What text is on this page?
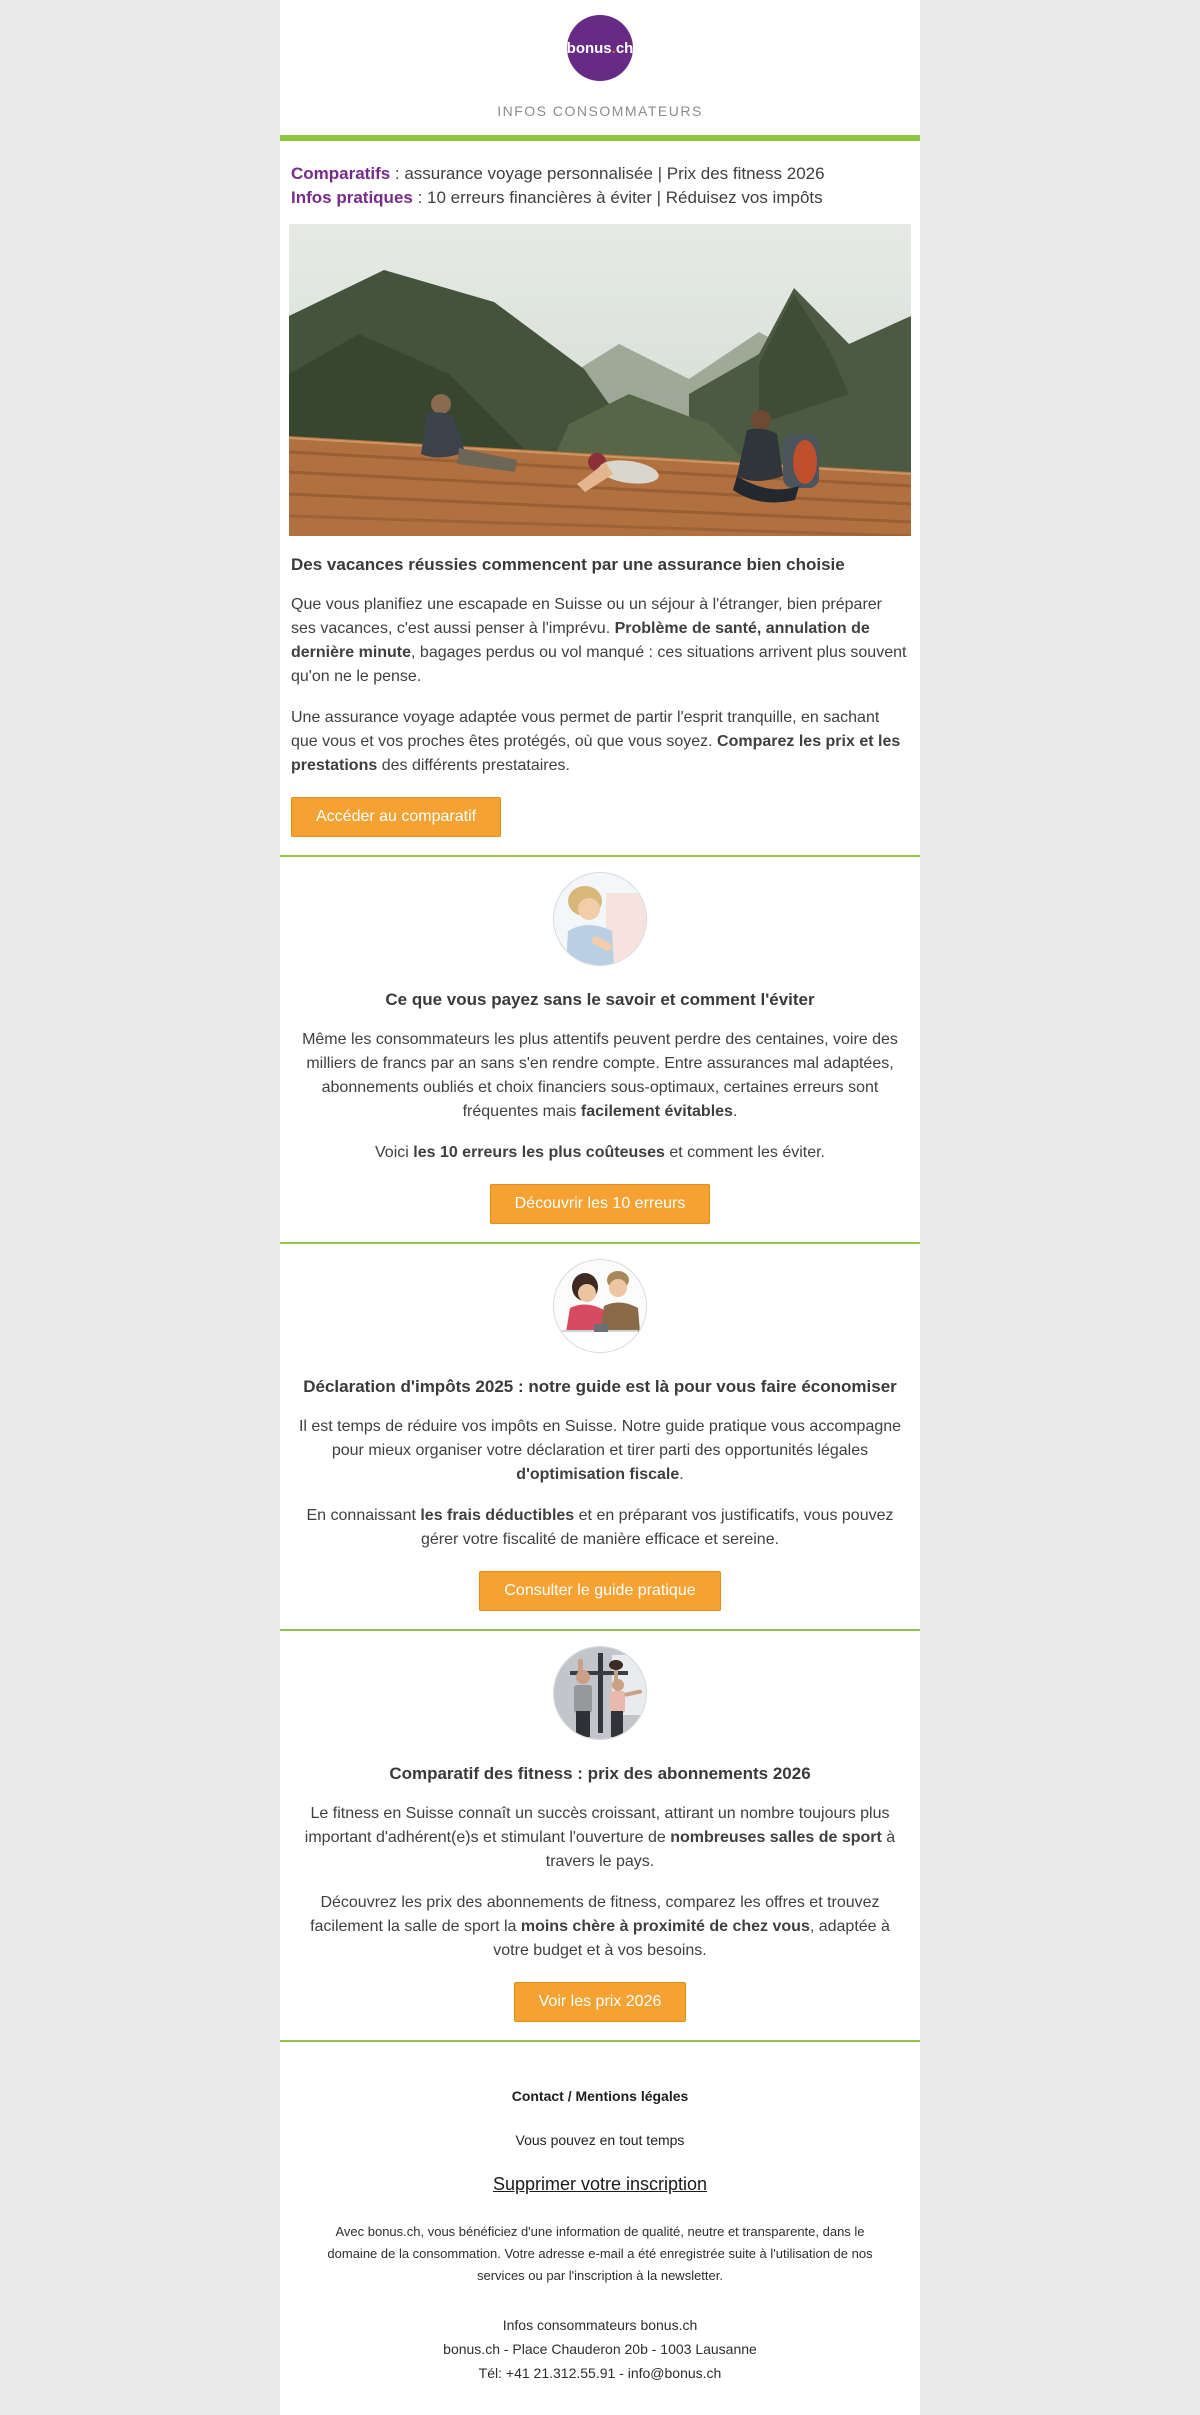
bonus.ch
INFOS CONSOMMATEURS
Comparatifs : assurance voyage personnalisée | Prix des fitness 2026
Infos pratiques : 10 erreurs financières à éviter | Réduisez vos impôts
Des vacances réussies commencent par une assurance bien choisie

Que vous planifiez une escapade en Suisse ou un séjour à l'étranger, bien préparer ses vacances, c'est aussi penser à l'imprévu. Problème de santé, annulation de dernière minute, bagages perdus ou vol manqué : ces situations arrivent plus souvent qu'on ne le pense.

Une assurance voyage adaptée vous permet de partir l'esprit tranquille, en sachant que vous et vos proches êtes protégés, où que vous soyez. Comparez les prix et les prestations des différents prestataires.

Accéder au comparatif
Ce que vous payez sans le savoir et comment l'éviter

Même les consommateurs les plus attentifs peuvent perdre des centaines, voire des milliers de francs par an sans s'en rendre compte. Entre assurances mal adaptées, abonnements oubliés et choix financiers sous-optimaux, certaines erreurs sont fréquentes mais facilement évitables.

Voici les 10 erreurs les plus coûteuses et comment les éviter.

Découvrir les 10 erreurs
Déclaration d'impôts 2025 : notre guide est là pour vous faire économiser

Il est temps de réduire vos impôts en Suisse. Notre guide pratique vous accompagne pour mieux organiser votre déclaration et tirer parti des opportunités légales d'optimisation fiscale.

En connaissant les frais déductibles et en préparant vos justificatifs, vous pouvez gérer votre fiscalité de manière efficace et sereine.

Consulter le guide pratique
Comparatif des fitness : prix des abonnements 2026

Le fitness en Suisse connaît un succès croissant, attirant un nombre toujours plus important d'adhérent(e)s et stimulant l'ouverture de nombreuses salles de sport à travers le pays.

Découvrez les prix des abonnements de fitness, comparez les offres et trouvez facilement la salle de sport la moins chère à proximité de chez vous, adaptée à votre budget et à vos besoins.

Voir les prix 2026
Contact / Mentions légales
Vous pouvez en tout temps
Supprimer votre inscription
Avec bonus.ch, vous bénéficiez d'une information de qualité, neutre et transparente, dans le domaine de la consommation. Votre adresse e-mail a été enregistrée suite à l'utilisation de nos services ou par l'inscription à la newsletter.
Infos consommateurs bonus.ch
bonus.ch - Place Chauderon 20b - 1003 Lausanne
Tél: +41 21.312.55.91 - info@bonus.ch
